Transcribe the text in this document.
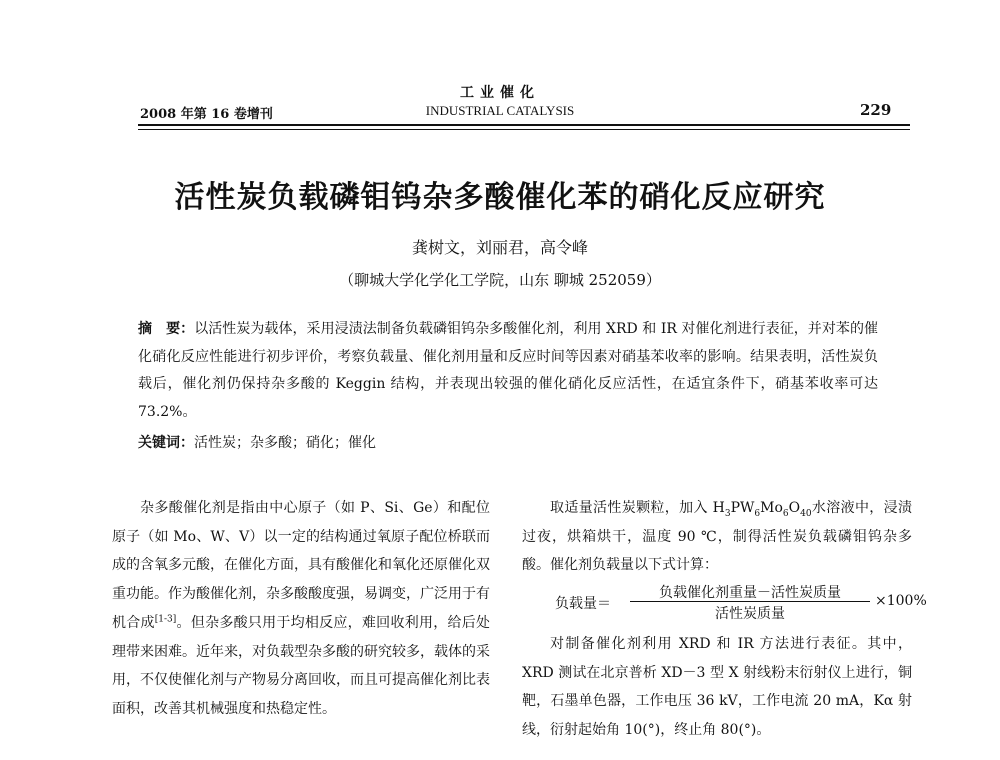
2008 年第 16 卷增刊
工业催化
INDUSTRIAL CATALYSIS	229
活性炭负载磷钼钨杂多酸催化苯的硝化反应研究
龚树文，刘丽君，高令峰
（聊城大学化学化工学院，山东 聊城 252059）
摘　要：以活性炭为载体，采用浸渍法制备负载磷钼钨杂多酸催化剂，利用 XRD 和 IR 对催化剂进行表征，并对苯的催化硝化反应性能进行初步评价，考察负载量、催化剂用量和反应时间等因素对硝基苯收率的影响。结果表明，活性炭负载后，催化剂仍保持杂多酸的 Keggin 结构，并表现出较强的催化硝化反应活性，在适宜条件下，硝基苯收率可达 73.2%。
关键词：活性炭；杂多酸；硝化；催化

杂多酸催化剂是指由中心原子（如 P、Si、Ge）和配位原子（如 Mo、W、V）以一定的结构通过氧原子配位桥联而成的含氧多元酸，在催化方面，具有酸催化和氧化还原催化双重功能。作为酸催化剂，杂多酸酸度强，易调变，广泛用于有机合成[1-3]。但杂多酸只用于均相反应，难回收利用，给后处理带来困难。近年来，对负载型杂多酸的研究较多，载体的采用，不仅使催化剂与产物易分离回收，而且可提高催化剂比表面积，改善其机械强度和热稳定性。

取适量活性炭颗粒，加入 $H_3PW_6Mo_6O_{40}$水溶液中，浸渍过夜，烘箱烘干，温度 90 ℃，制得活性炭负载磷钼钨杂多酸。催化剂负载量以下式计算：

负载量＝
负载催化剂重量－活性炭质量
活性炭质量
×100%

对制备催化剂利用 XRD 和 IR 方法进行表征。其中，XRD 测试在北京普析 XD－3 型 X 射线粉末衍射仪上进行，铜靶，石墨单色器，工作电压 36 kV，工作电流 20 mA，Kα 射线，衍射起始角 10(°)，终止角 80(°)。
